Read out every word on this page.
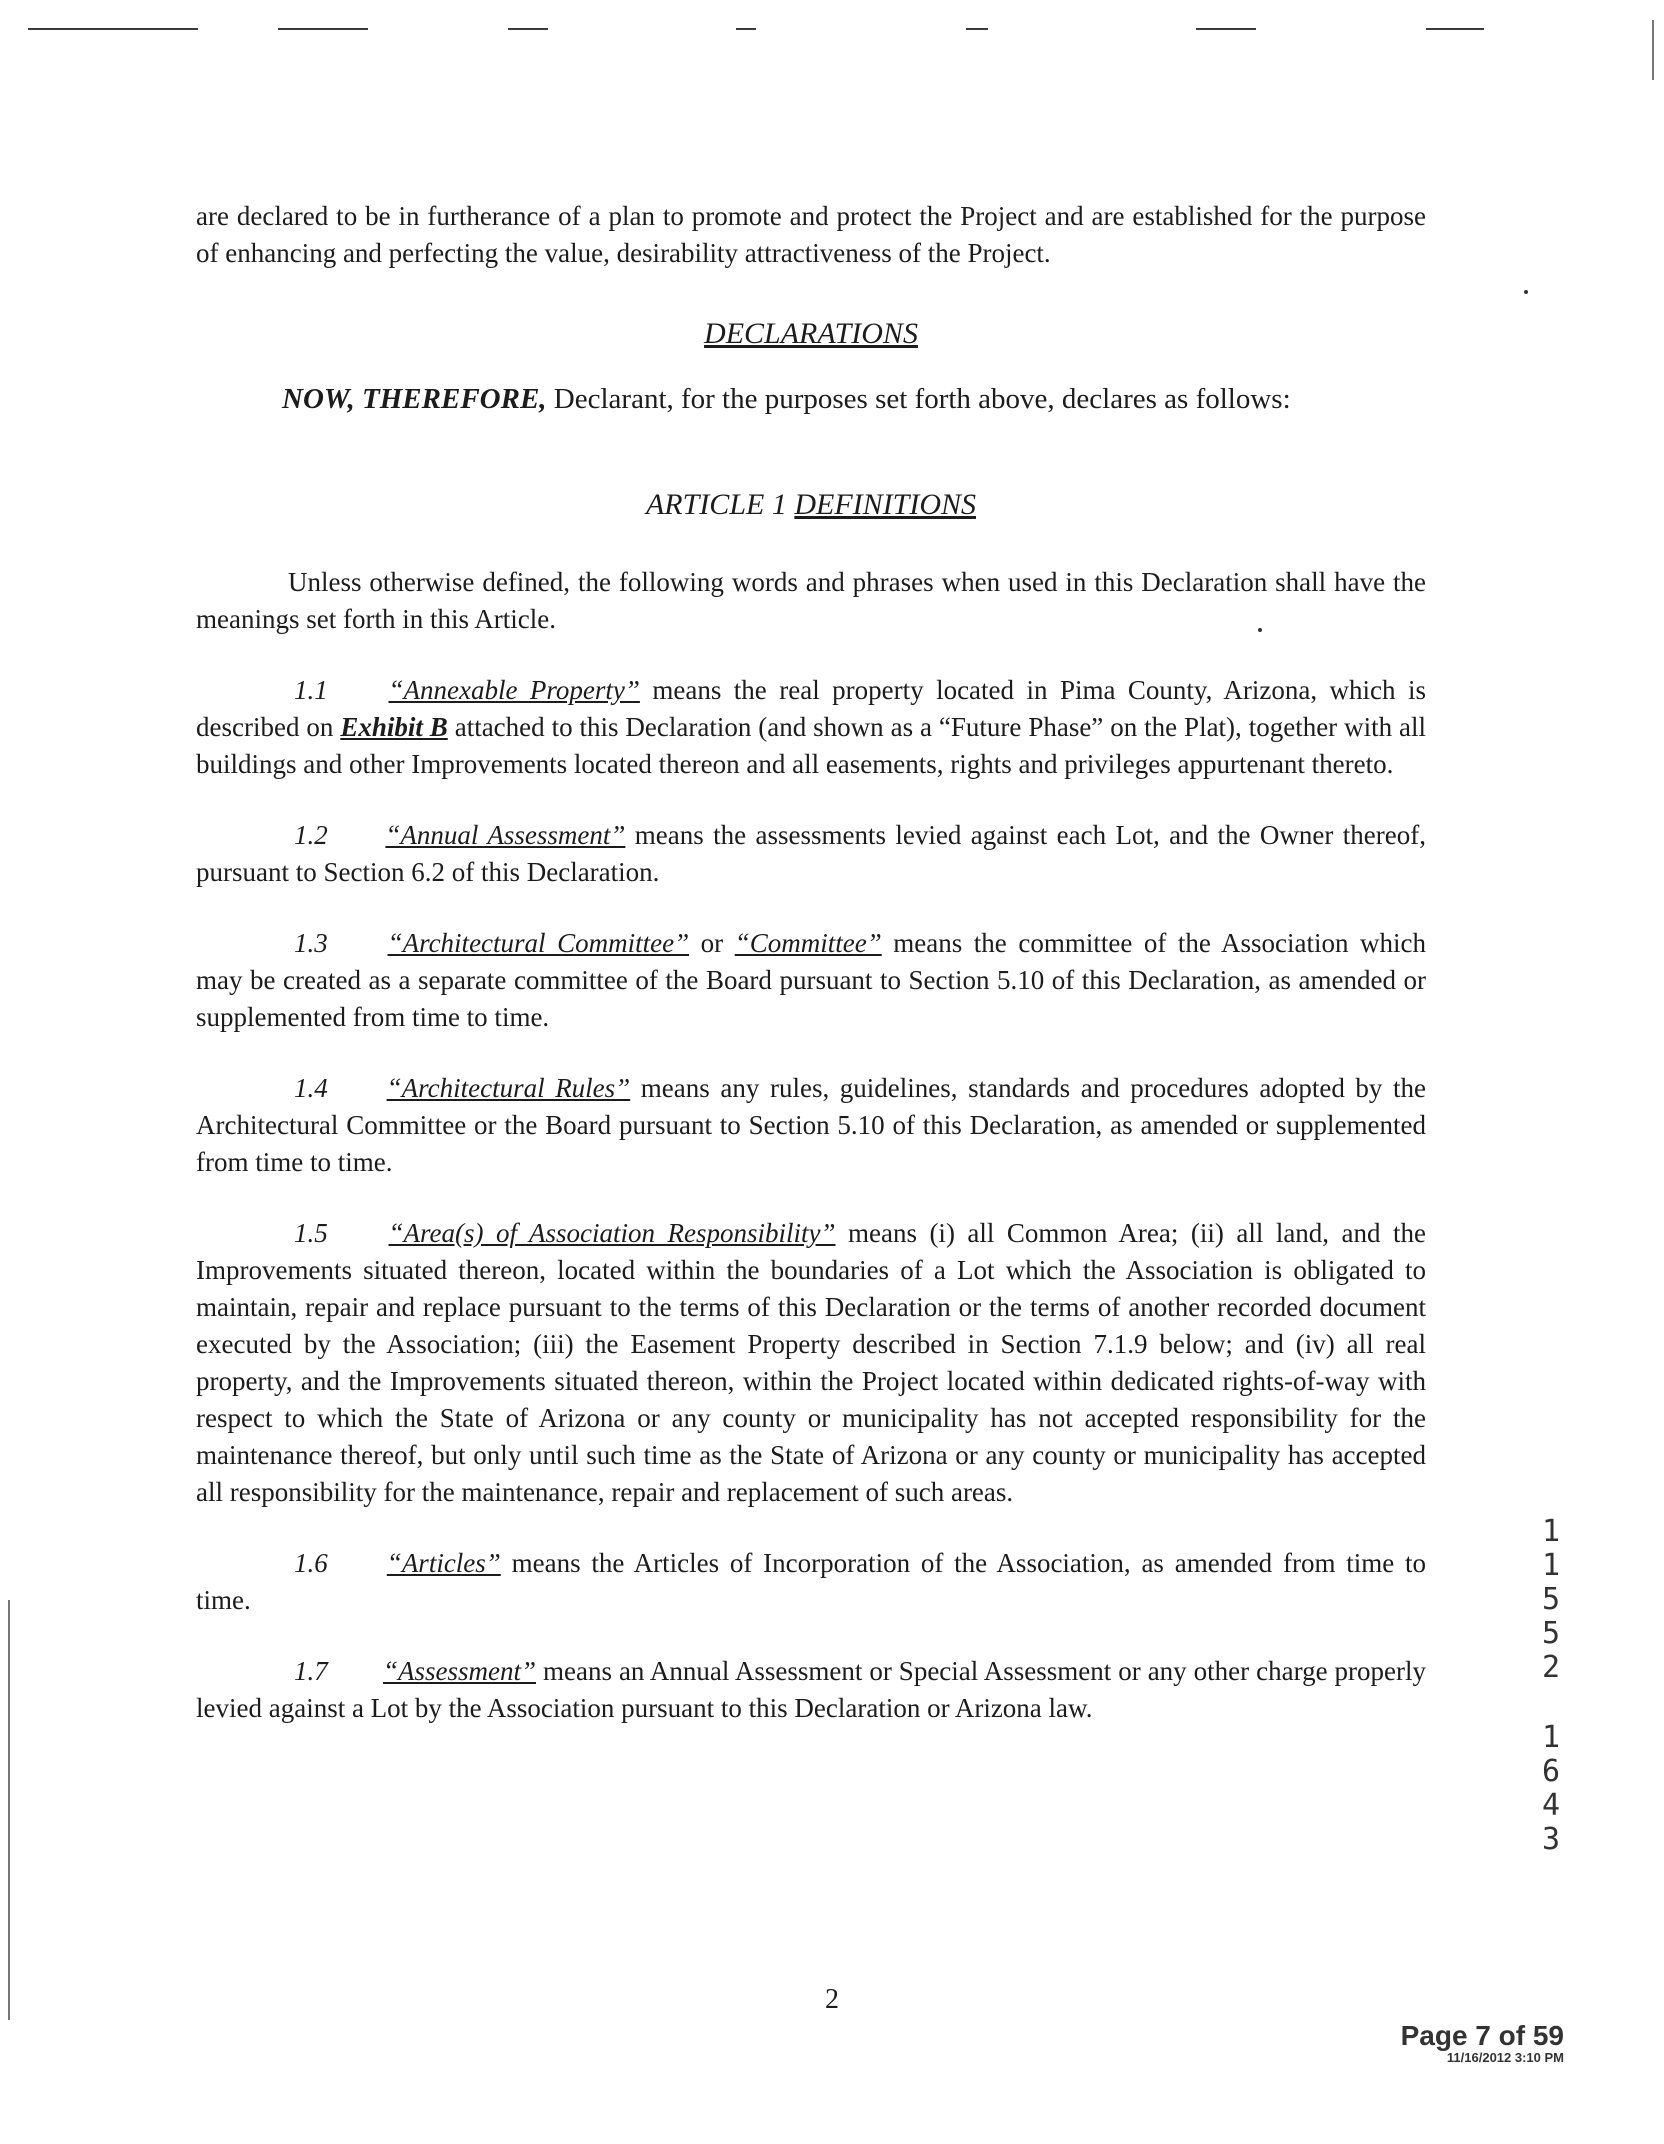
are declared to be in furtherance of a plan to promote and protect the Project and are established for the purpose of enhancing and perfecting the value, desirability attractiveness of the Project.

DECLARATIONS

NOW, THEREFORE, Declarant, for the purposes set forth above, declares as follows:

ARTICLE 1 DEFINITIONS

Unless otherwise defined, the following words and phrases when used in this Declaration shall have the meanings set forth in this Article.

1.1 “Annexable Property” means the real property located in Pima County, Arizona, which is described on Exhibit B attached to this Declaration (and shown as a “Future Phase” on the Plat), together with all buildings and other Improvements located thereon and all easements, rights and privileges appurtenant thereto.

1.2 “Annual Assessment” means the assessments levied against each Lot, and the Owner thereof, pursuant to Section 6.2 of this Declaration.

1.3 “Architectural Committee” or “Committee” means the committee of the Association which may be created as a separate committee of the Board pursuant to Section 5.10 of this Declaration, as amended or supplemented from time to time.

1.4 “Architectural Rules” means any rules, guidelines, standards and procedures adopted by the Architectural Committee or the Board pursuant to Section 5.10 of this Declaration, as amended or supplemented from time to time.

1.5 “Area(s) of Association Responsibility” means (i) all Common Area; (ii) all land, and the Improvements situated thereon, located within the boundaries of a Lot which the Association is obligated to maintain, repair and replace pursuant to the terms of this Declaration or the terms of another recorded document executed by the Association; (iii) the Easement Property described in Section 7.1.9 below; and (iv) all real property, and the Improvements situated thereon, within the Project located within dedicated rights-of-way with respect to which the State of Arizona or any county or municipality has not accepted responsibility for the maintenance thereof, but only until such time as the State of Arizona or any county or municipality has accepted all responsibility for the maintenance, repair and replacement of such areas.

1.6 “Articles” means the Articles of Incorporation of the Association, as amended from time to time.

1.7 “Assessment” means an Annual Assessment or Special Assessment or any other charge properly levied against a Lot by the Association pursuant to this Declaration or Arizona law.

1
1
5
5
2
1
6
4
3
2
Page 7 of 59
11/16/2012 3:10 PM
